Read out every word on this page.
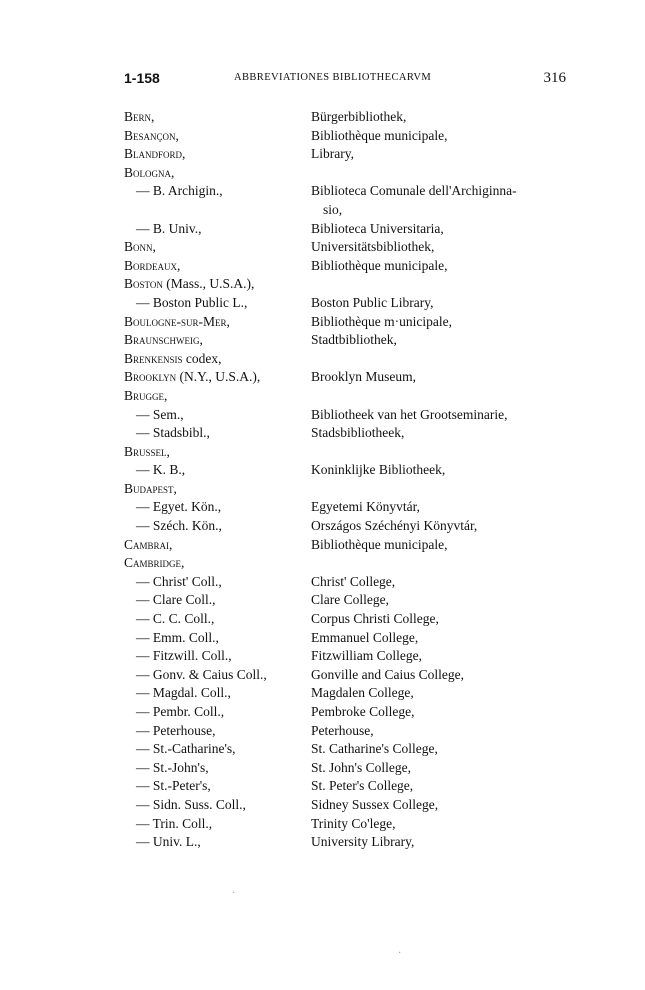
1-158	ABBREVIATIONES BIBLIOTHECARVM	316
Bern,	Bürgerbibliothek,
Besançon,	Bibliothèque municipale,
Blandford,	Library,
Bologna,
— B. Archigin.,	Biblioteca Comunale dell'Archiginna-
sio,
— B. Univ.,	Biblioteca Universitaria,
Bonn,	Universitätsbibliothek,
Bordeaux,	Bibliothèque municipale,
Boston (Mass., U.S.A.),
— Boston Public L.,	Boston Public Library,
Boulogne-sur-Mer,	Bibliothèque m·unicipale,
Braunschweig,	Stadtbibliothek,
Brenkensis codex,
Brooklyn (N.Y., U.S.A.),	Brooklyn Museum,
Brugge,
— Sem.,	Bibliotheek van het Grootseminarie,
— Stadsbibl.,	Stadsbibliotheek,
Brussel,
— K. B.,	Koninklijke Bibliotheek,
Budapest,
— Egyet. Kön.,	Egyetemi Könyvtár,
— Széch. Kön.,	Országos Széchényi Könyvtár,
Cambrai,	Bibliothèque municipale,
Cambridge,
— Christ' Coll.,	Christ' College,
— Clare Coll.,	Clare College,
— C. C. Coll.,	Corpus Christi College,
— Emm. Coll.,	Emmanuel College,
— Fitzwill. Coll.,	Fitzwilliam College,
— Gonv. & Caius Coll.,	Gonville and Caius College,
— Magdal. Coll.,	Magdalen College,
— Pembr. Coll.,	Pembroke College,
— Peterhouse,	Peterhouse,
— St.-Catharine's,	St. Catharine's College,
— St.-John's,	St. John's College,
— St.-Peter's,	St. Peter's College,
— Sidn. Suss. Coll.,	Sidney Sussex College,
— Trin. Coll.,	Trinity Co'lege,
— Univ. L.,	University Library,
·
·
